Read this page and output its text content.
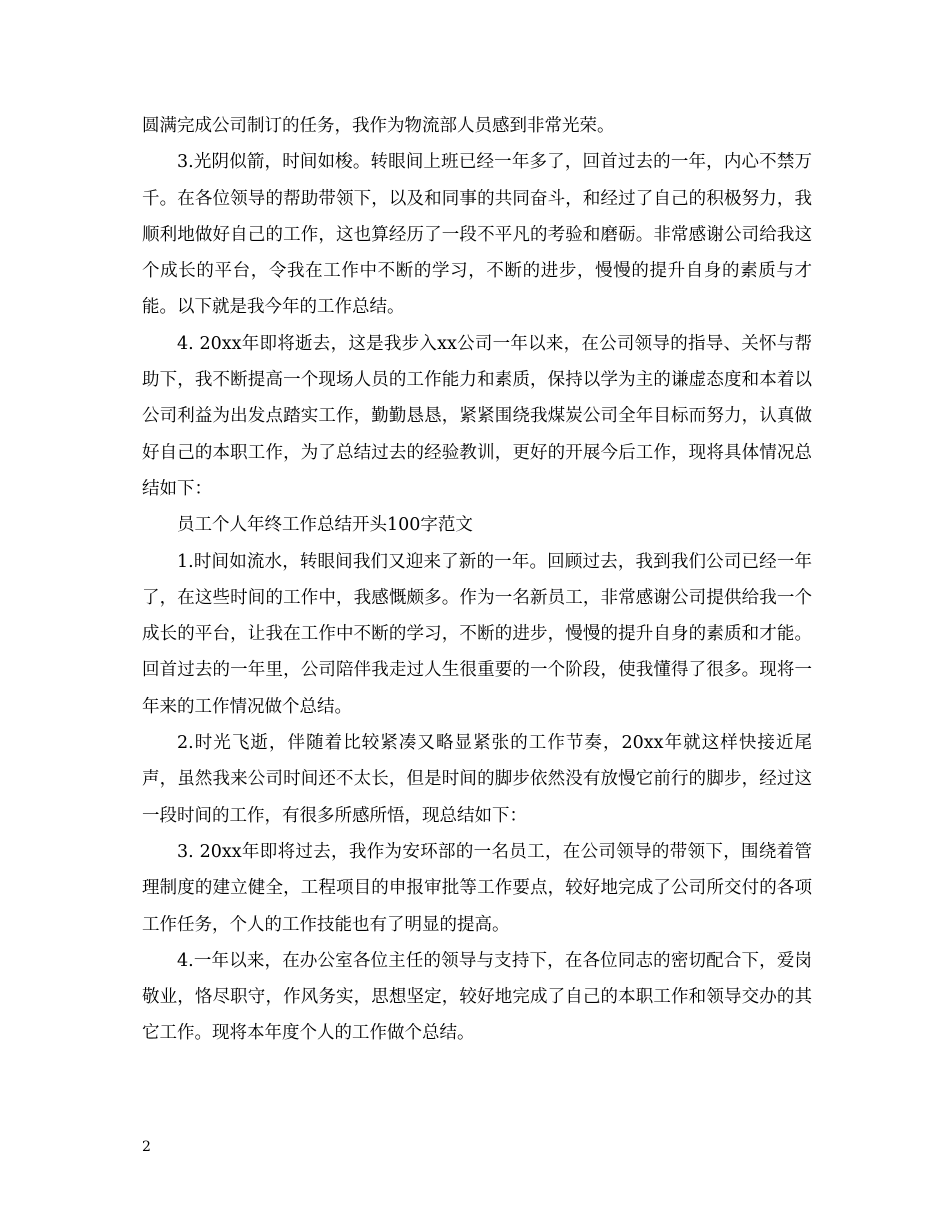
圆满完成公司制订的任务，我作为物流部人员感到非常光荣。

3.光阴似箭，时间如梭。转眼间上班已经一年多了，回首过去的一年，内心不禁万千。在各位领导的帮助带领下，以及和同事的共同奋斗，和经过了自己的积极努力，我顺利地做好自己的工作，这也算经历了一段不平凡的考验和磨砺。非常感谢公司给我这个成长的平台，令我在工作中不断的学习，不断的进步，慢慢的提升自身的素质与才能。以下就是我今年的工作总结。

4. 20xx年即将逝去，这是我步入xx公司一年以来，在公司领导的指导、关怀与帮助下，我不断提高一个现场人员的工作能力和素质，保持以学为主的谦虚态度和本着以公司利益为出发点踏实工作，勤勤恳恳，紧紧围绕我煤炭公司全年目标而努力，认真做好自己的本职工作，为了总结过去的经验教训，更好的开展今后工作，现将具体情况总结如下：

员工个人年终工作总结开头100字范文

1.时间如流水，转眼间我们又迎来了新的一年。回顾过去，我到我们公司已经一年了，在这些时间的工作中，我感慨颇多。作为一名新员工，非常感谢公司提供给我一个成长的平台，让我在工作中不断的学习，不断的进步，慢慢的提升自身的素质和才能。回首过去的一年里，公司陪伴我走过人生很重要的一个阶段，使我懂得了很多。现将一年来的工作情况做个总结。

2.时光飞逝，伴随着比较紧凑又略显紧张的工作节奏，20xx年就这样快接近尾声，虽然我来公司时间还不太长，但是时间的脚步依然没有放慢它前行的脚步，经过这一段时间的工作，有很多所感所悟，现总结如下：

3. 20xx年即将过去，我作为安环部的一名员工，在公司领导的带领下，围绕着管理制度的建立健全，工程项目的申报审批等工作要点，较好地完成了公司所交付的各项工作任务，个人的工作技能也有了明显的提高。

4.一年以来，在办公室各位主任的领导与支持下，在各位同志的密切配合下，爱岗敬业，恪尽职守，作风务实，思想坚定，较好地完成了自己的本职工作和领导交办的其它工作。现将本年度个人的工作做个总结。

2
